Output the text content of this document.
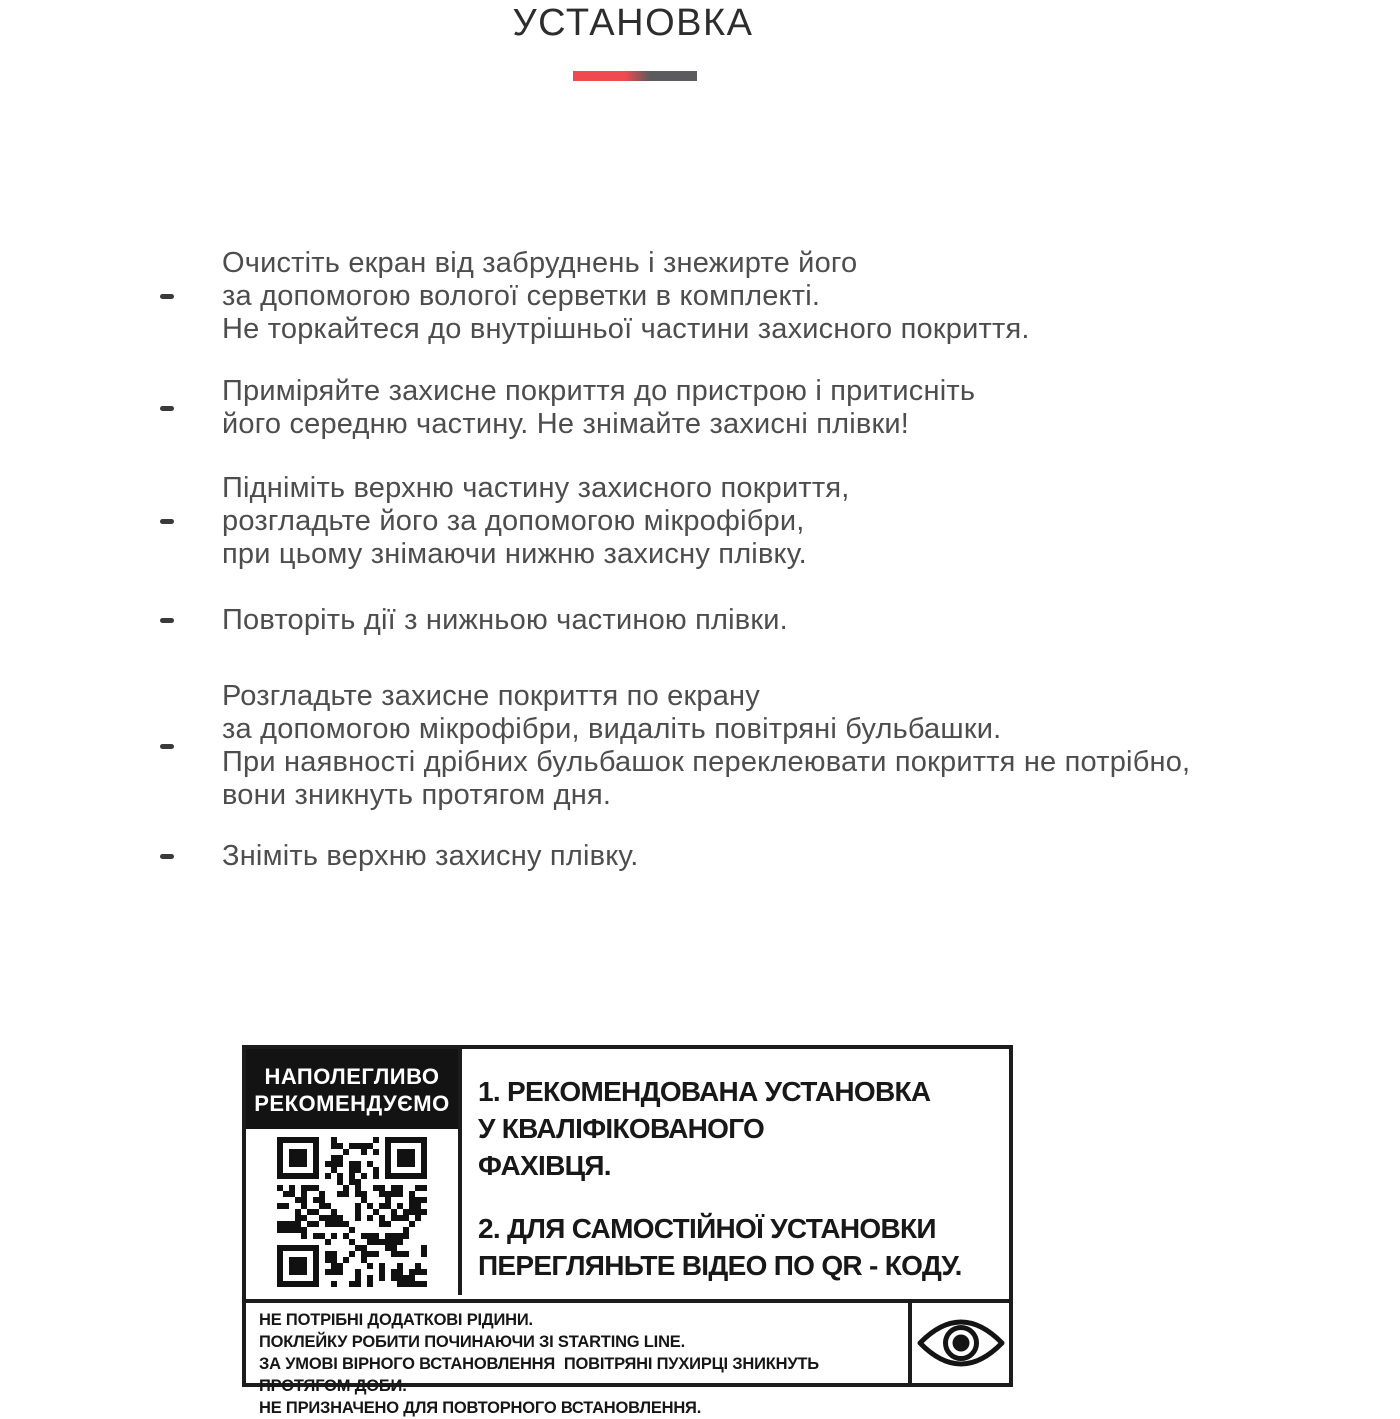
УСТАНОВКА
Очистіть екран від забруднень і знежирте його
за допомогою вологої серветки в комплекті.
Не торкайтеся до внутрішньої частини захисного покриття.
Приміряйте захисне покриття до пристрою і притисніть
його середню частину. Не знімайте захисні плівки!
Підніміть верхню частину захисного покриття,
розгладьте його за допомогою мікрофібри,
при цьому знімаючи нижню захисну плівку.
Повторіть дії з нижньою частиною плівки.
Розгладьте захисне покриття по екрану
за допомогою мікрофібри, видаліть повітряні бульбашки.
При наявності дрібних бульбашок переклеювати покриття не потрібно,
вони зникнуть протягом дня.
Зніміть верхню захисну плівку.
НАПОЛЕГЛИВО
РЕКОМЕНДУЄМО 1. РЕКОМЕНДОВАНА УСТАНОВКА
У КВАЛІФІКОВАНОГО
ФАХІВЦЯ.
2. ДЛЯ САМОСТІЙНОЇ УСТАНОВКИ
ПЕРЕГЛЯНЬТЕ ВІДЕО ПО QR - КОДУ.
НЕ ПОТРІБНІ ДОДАТКОВІ РІДИНИ.
ПОКЛЕЙКУ РОБИТИ ПОЧИНАЮЧИ ЗІ STARTING LINE.
ЗА УМОВІ ВІРНОГО ВСТАНОВЛЕННЯ  ПОВІТРЯНІ ПУХИРЦІ ЗНИКНУТЬ  ПРОТЯГОМ ДОБИ.
НЕ ПРИЗНАЧЕНО ДЛЯ ПОВТОРНОГО ВСТАНОВЛЕННЯ.
